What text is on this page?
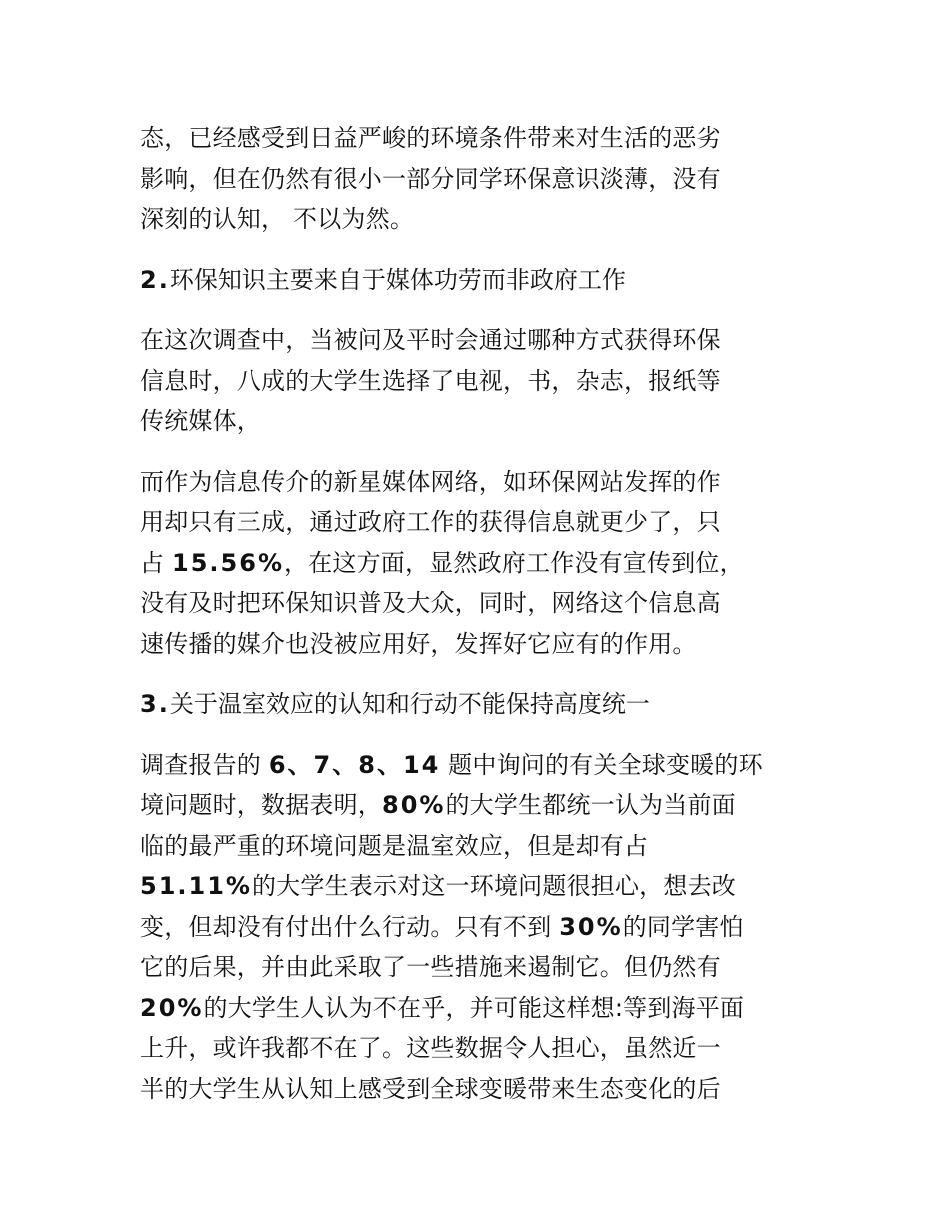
态，已经感受到日益严峻的环境条件带来对生活的恶劣
影响，但在仍然有很小一部分同学环保意识淡薄，没有
深刻的认知， 不以为然。

2.环保知识主要来自于媒体功劳而非政府工作

在这次调查中，当被问及平时会通过哪种方式获得环保
信息时，八成的大学生选择了电视，书，杂志，报纸等
传统媒体，

而作为信息传介的新星媒体网络，如环保网站发挥的作
用却只有三成，通过政府工作的获得信息就更少了，只
占 15.56%，在这方面，显然政府工作没有宣传到位，
没有及时把环保知识普及大众，同时，网络这个信息高
速传播的媒介也没被应用好，发挥好它应有的作用。

3.关于温室效应的认知和行动不能保持高度统一

调查报告的 6、7、8、14 题中询问的有关全球变暖的环
境问题时，数据表明，80%的大学生都统一认为当前面
临的最严重的环境问题是温室效应，但是却有占
51.11%的大学生表示对这一环境问题很担心，想去改
变，但却没有付出什么行动。只有不到 30%的同学害怕
它的后果，并由此采取了一些措施来遏制它。但仍然有
20%的大学生人认为不在乎，并可能这样想:等到海平面
上升，或许我都不在了。这些数据令人担心，虽然近一
半的大学生从认知上感受到全球变暖带来生态变化的后
